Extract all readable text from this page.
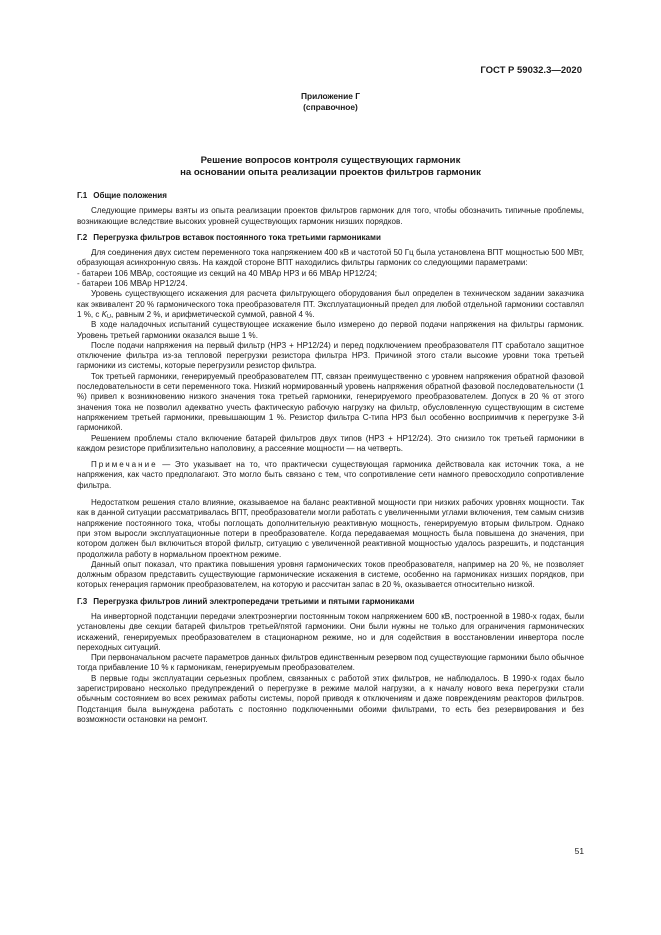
ГОСТ Р 59032.3—2020
Приложение Г
(справочное)
Решение вопросов контроля существующих гармоник
на основании опыта реализации проектов фильтров гармоник
Г.1 Общие положения

Следующие примеры взяты из опыта реализации проектов фильтров гармоник для того, чтобы обозначить типичные проблемы, возникающие вследствие высоких уровней существующих гармоник низших порядков.

Г.2 Перегрузка фильтров вставок постоянного тока третьими гармониками

Для соединения двух систем переменного тока напряжением 400 кВ и частотой 50 Гц была установлена ВПТ мощностью 500 МВт, образующая асинхронную связь. На каждой стороне ВПТ находились фильтры гармоник со следующими параметрами:

- батареи 106 МВАр, состоящие из секций на 40 МВАр НРЗ и 66 МВАр НР12/24;

- батареи 106 МВАр НР12/24.

Уровень существующего искажения для расчета фильтрующего оборудования был определен в техническом задании заказчика как эквивалент 20 % гармонического тока преобразователя ПТ. Эксплуатационный предел для любой отдельной гармоники составлял 1 %, с $K_U$, равным 2 %, и арифметической суммой, равной 4 %.

В ходе наладочных испытаний существующее искажение было измерено до первой подачи напряжения на фильтры гармоник. Уровень третьей гармоники оказался выше 1 %.

После подачи напряжения на первый фильтр (НРЗ + НР12/24) и перед подключением преобразователя ПТ сработало защитное отключение фильтра из-за тепловой перегрузки резистора фильтра НРЗ. Причиной этого стали высокие уровни тока третьей гармоники из системы, которые перегрузили резистор фильтра.

Ток третьей гармоники, генерируемый преобразователем ПТ, связан преимущественно с уровнем напряжения обратной фазовой последовательности в сети переменного тока. Низкий нормированный уровень напряжения обратной фазовой последовательности (1 %) привел к возникновению низкого значения тока третьей гармоники, генерируемого преобразователем. Допуск в 20 % от этого значения тока не позволил адекватно учесть фактическую рабочую нагрузку на фильтр, обусловленную существующим в системе напряжением третьей гармоники, превышающим 1 %. Резистор фильтра С-типа НРЗ был особенно восприимчив к перегрузке 3-й гармоникой.

Решением проблемы стало включение батарей фильтров двух типов (НРЗ + НР12/24). Это снизило ток третьей гармоники в каждом резисторе приблизительно наполовину, а рассеяние мощности — на четверть.

Примечание — Это указывает на то, что практически существующая гармоника действовала как источник тока, а не напряжения, как часто предполагают. Это могло быть связано с тем, что сопротивление сети намного превосходило сопротивление фильтра.

Недостатком решения стало влияние, оказываемое на баланс реактивной мощности при низких рабочих уровнях мощности. Так как в данной ситуации рассматривалась ВПТ, преобразователи могли работать с увеличенными углами включения, тем самым снизив напряжение постоянного тока, чтобы поглощать дополнительную реактивную мощность, генерируемую вторым фильтром. Однако при этом выросли эксплуатационные потери в преобразователе. Когда передаваемая мощность была повышена до значения, при котором должен был включиться второй фильтр, ситуацию с увеличенной реактивной мощностью удалось разрешить, и подстанция продолжила работу в нормальном проектном режиме.

Данный опыт показал, что практика повышения уровня гармонических токов преобразователя, например на 20 %, не позволяет должным образом представить существующие гармонические искажения в системе, особенно на гармониках низших порядков, при которых генерация гармоник преобразователем, на которую и рассчитан запас в 20 %, оказывается относительно низкой.

Г.3 Перегрузка фильтров линий электропередачи третьими и пятыми гармониками

На инверторной подстанции передачи электроэнергии постоянным током напряжением 600 кВ, построенной в 1980-х годах, были установлены две секции батарей фильтров третьей/пятой гармоники. Они были нужны не только для ограничения гармонических искажений, генерируемых преобразователем в стационарном режиме, но и для содействия в восстановлении инвертора после переходных ситуаций.

При первоначальном расчете параметров данных фильтров единственным резервом под существующие гармоники было обычное тогда прибавление 10 % к гармоникам, генерируемым преобразователем.

В первые годы эксплуатации серьезных проблем, связанных с работой этих фильтров, не наблюдалось. В 1990-х годах было зарегистрировано несколько предупреждений о перегрузке в режиме малой нагрузки, а к началу нового века перегрузки стали обычным состоянием во всех режимах работы системы, порой приводя к отключениям и даже повреждениям реакторов фильтров. Подстанция была вынуждена работать с постоянно подключенными обоими фильтрами, то есть без резервирования и без возможности остановки на ремонт.

51
